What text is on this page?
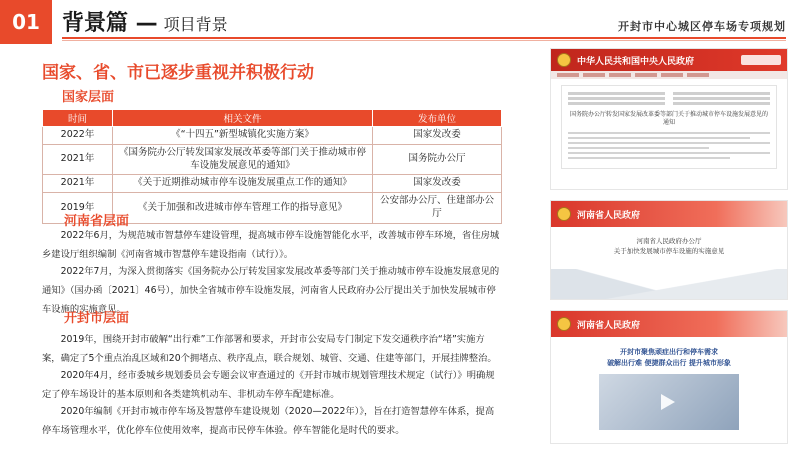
01	背景篇 — 项目背景	开封市中心城区停车场专项规划
国家、省、市已逐步重视并积极行动
国家层面
时间	相关文件	发布单位
2022年	《“十四五”新型城镇化实施方案》	国家发改委
2021年	《国务院办公厅转发国家发展改革委等部门关于推动城市停车设施发展意见的通知》	国务院办公厅
2021年	《关于近期推动城市停车设施发展重点工作的通知》	国家发改委
2019年	《关于加强和改进城市停车管理工作的指导意见》	公安部办公厅、住建部办公厅
河南省层面

2022年6月，为规范城市智慧停车建设管理，提高城市停车设施智能化水平，改善城市停车环境，省住房城乡建设厅组织编制《河南省城市智慧停车建设指南（试行）》。

2022年7月，为深入贯彻落实《国务院办公厅转发国家发展改革委等部门关于推动城市停车设施发展意见的通知》（国办函〔2021〕46号），加快全省城市停车设施发展，河南省人民政府办公厅提出关于加快发展城市停车设施的实施意见。

开封市层面

2019年，围绕开封市破解“出行难”工作部署和要求，开封市公安局专门制定下发交通秩序治“堵”实施方案，确定了5个重点治乱区域和20个拥堵点、秩序乱点，联合规划、城管、交通、住建等部门，开展挂牌整治。

2020年4月，经市委城乡规划委员会专题会议审查通过的《开封市城市规划管理技术规定（试行）》明确规定了停车场设计的基本原则和各类建筑机动车、非机动车停车配建标准。

2020年编制《开封市城市停车场及智慧停车建设规划（2020—2022年）》，旨在打造智慧停车体系，提高停车场管理水平，优化停车位使用效率，提高市民停车体验。停车智能化是时代的要求。

中华人民共和国中央人民政府
国务院办公厅转发国家发展改革委等部门关于推动城市停车设施发展意见的通知
河南省人民政府
河南省人民政府办公厅
关于加快发展城市停车设施的实施意见
河南省人民政府
开封市聚焦顽症出行和停车需求
破解出行难 便捷群众出行 提升城市形象
